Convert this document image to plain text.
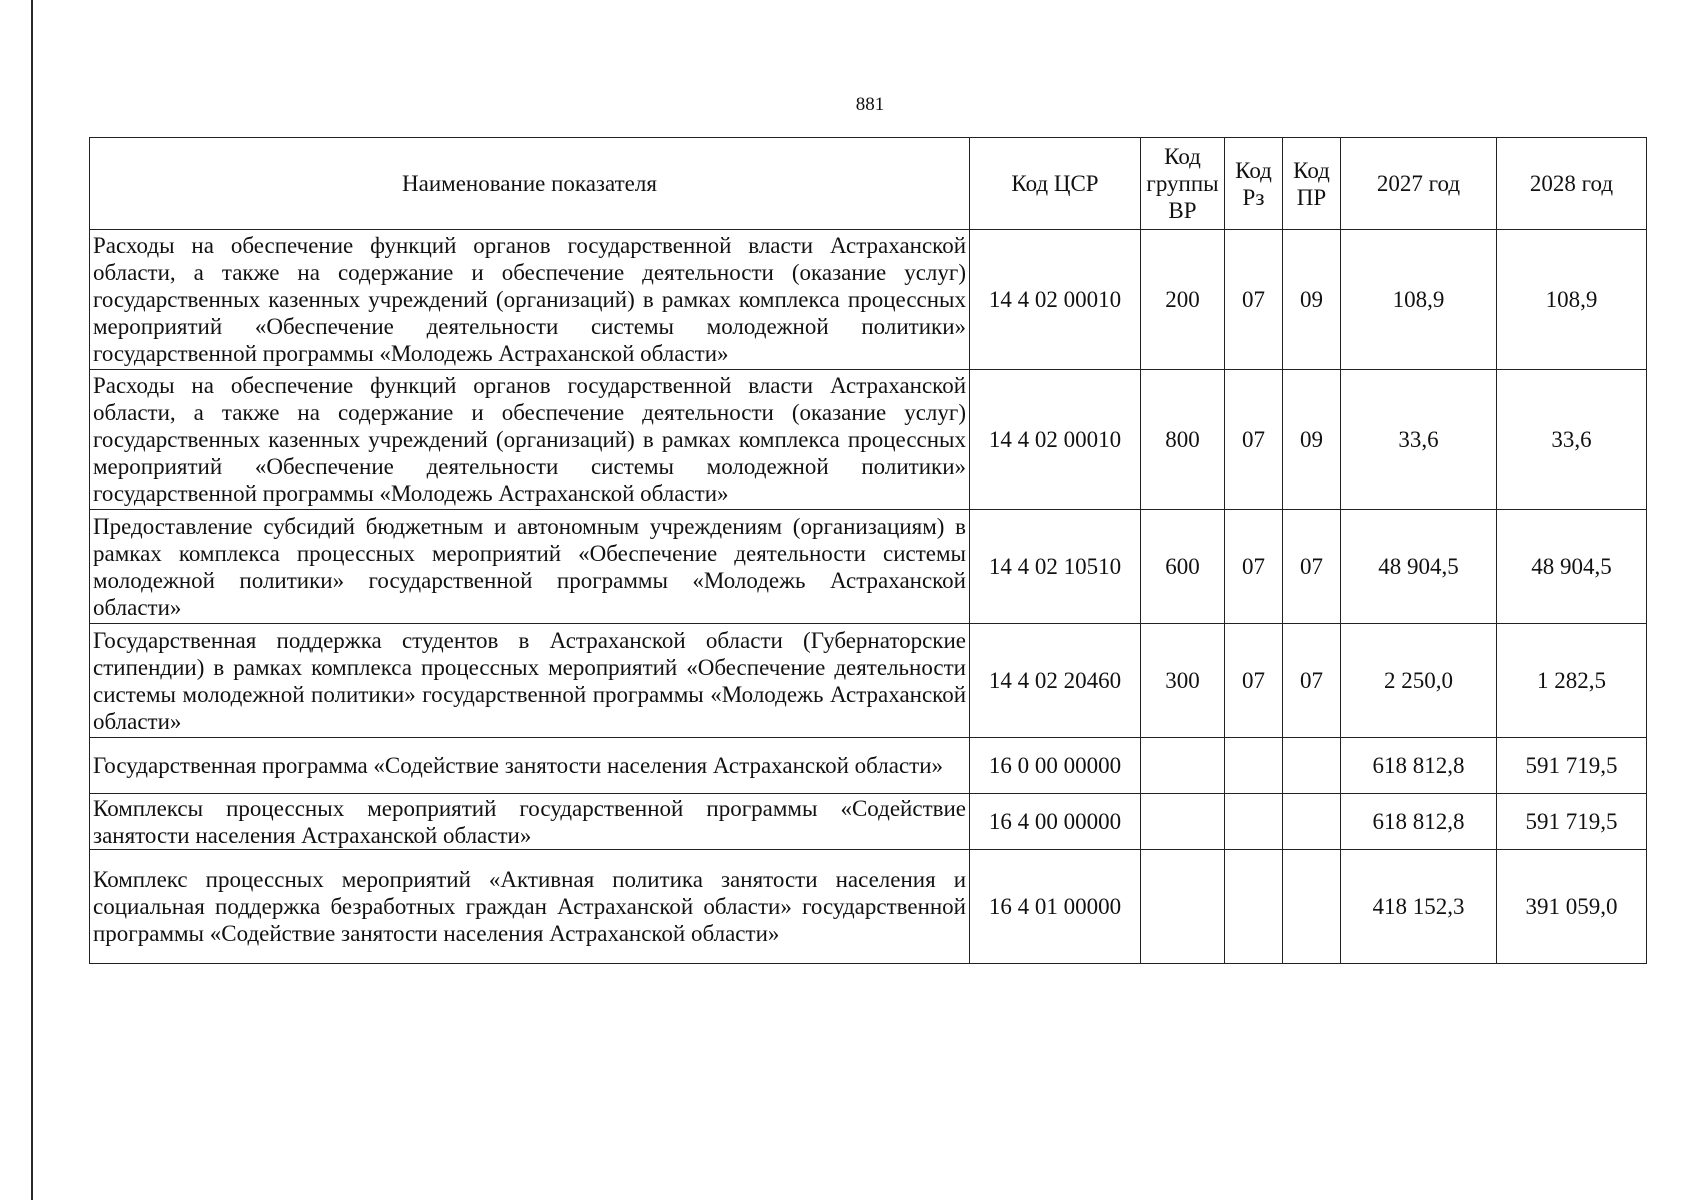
881
Наименование показателя	Код ЦСР	Код группы ВР	Код Рз	Код ПР	2027 год	2028 год
Расходы на обеспечение функций органов государственной власти Астраханской области, а также на содержание и обеспечение деятельности (оказание услуг) государственных казенных учреждений (организаций) в рамках комплекса процессных мероприятий «Обеспечение деятельности системы молодежной политики» государственной программы «Молодежь Астраханской области»	14 4 02 00010	200	07	09	108,9	108,9
Расходы на обеспечение функций органов государственной власти Астраханской области, а также на содержание и обеспечение деятельности (оказание услуг) государственных казенных учреждений (организаций) в рамках комплекса процессных мероприятий «Обеспечение деятельности системы молодежной политики» государственной программы «Молодежь Астраханской области»	14 4 02 00010	800	07	09	33,6	33,6
Предоставление субсидий бюджетным и автономным учреждениям (организациям) в рамках комплекса процессных мероприятий «Обеспечение деятельности системы молодежной политики» государственной программы «Молодежь Астраханской области»	14 4 02 10510	600	07	07	48 904,5	48 904,5
Государственная поддержка студентов в Астраханской области (Губернаторские стипендии) в рамках комплекса процессных мероприятий «Обеспечение деятельности системы молодежной политики» государственной программы «Молодежь Астраханской области»	14 4 02 20460	300	07	07	2 250,0	1 282,5
Государственная программа «Содействие занятости населения Астраханской области»	16 0 00 00000				618 812,8	591 719,5
Комплексы процессных мероприятий государственной программы «Содействие занятости населения Астраханской области»	16 4 00 00000				618 812,8	591 719,5
Комплекс процессных мероприятий «Активная политика занятости населения и социальная поддержка безработных граждан Астраханской области» государственной программы «Содействие занятости населения Астраханской области»	16 4 01 00000				418 152,3	391 059,0
